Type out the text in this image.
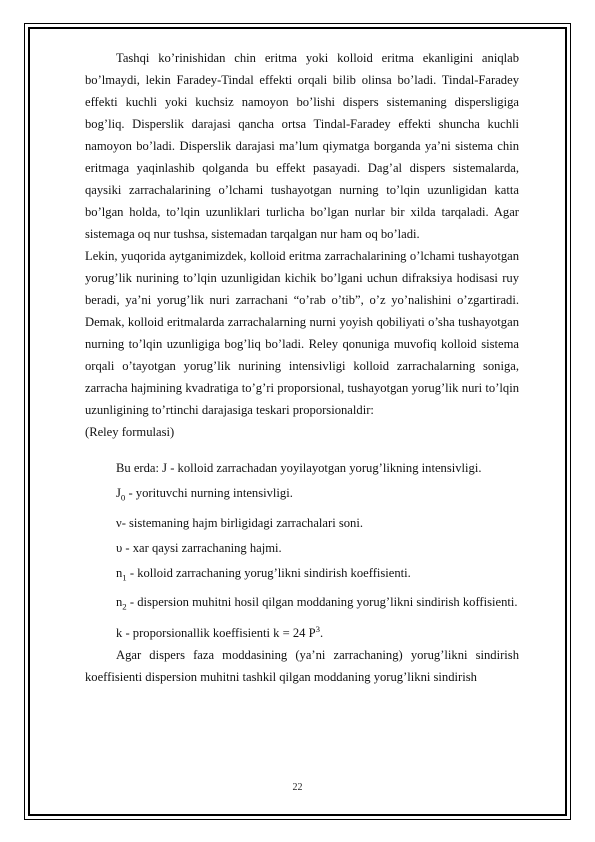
Tashqi ko’rinishidan chin eritma yoki kolloid eritma ekanligini aniqlab bo’lmaydi, lekin Faradey-Tindal effekti orqali bilib olinsa bo’ladi. Tindal-Faradey effekti kuchli yoki kuchsiz namoyon bo’lishi dispers sistemaning dispersligiga bog’liq. Disperslik darajasi qancha ortsa Tindal-Faradey effekti shuncha kuchli namoyon bo’ladi. Disperslik darajasi ma’lum qiymatga borganda ya’ni sistema chin eritmaga yaqinlashib qolganda bu effekt pasayadi. Dag’al dispers sistemalarda, qaysiki zarrachalarining o’lchami tushayotgan nurning to’lqin uzunligidan katta bo’lgan holda, to’lqin uzunliklari turlicha bo’lgan nurlar bir xilda tarqaladi. Agar sistemaga oq nur tushsa, sistemadan tarqalgan nur ham oq bo’ladi.

Lekin, yuqorida aytganimizdek, kolloid eritma zarrachalarining o’lchami tushayotgan yorug’lik nurining to’lqin uzunligidan kichik bo’lgani uchun difraksiya hodisasi ruy beradi, ya’ni yorug’lik nuri zarrachani “o’rab o’tib”, o’z yo’nalishini o’zgartiradi. Demak, kolloid eritmalarda zarrachalarning nurni yoyish qobiliyati o’sha tushayotgan nurning to’lqin uzunligiga bog’liq bo’ladi. Reley qonuniga muvofiq kolloid sistema orqali o’tayotgan yorug’lik nurining intensivligi kolloid zarrachalarning soniga, zarracha hajmining kvadratiga to’g’ri proporsional, tushayotgan yorug’lik nuri to’lqin uzunligining to’rtinchi darajasiga teskari proporsionaldir:

(Reley formulasi)

Bu erda: J - kolloid zarrachadan yoyilayotgan yorug’likning intensivligi.

$J_0$ - yorituvchi nurning intensivligi.

ν- sistemaning hajm birligidagi zarrachalari soni.

υ - xar qaysi zarrachaning hajmi.

$n_1$ - kolloid zarrachaning yorug’likni sindirish koeffisienti.

$n_2$ - dispersion muhitni hosil qilgan moddaning yorug’likni sindirish koffisienti.

k - proporsionallik koeffisienti k = 24 $P^3$.

Agar dispers faza moddasining (ya’ni zarrachaning) yorug’likni sindirish koeffisienti dispersion muhitni tashkil qilgan moddaning yorug’likni sindirish

22
